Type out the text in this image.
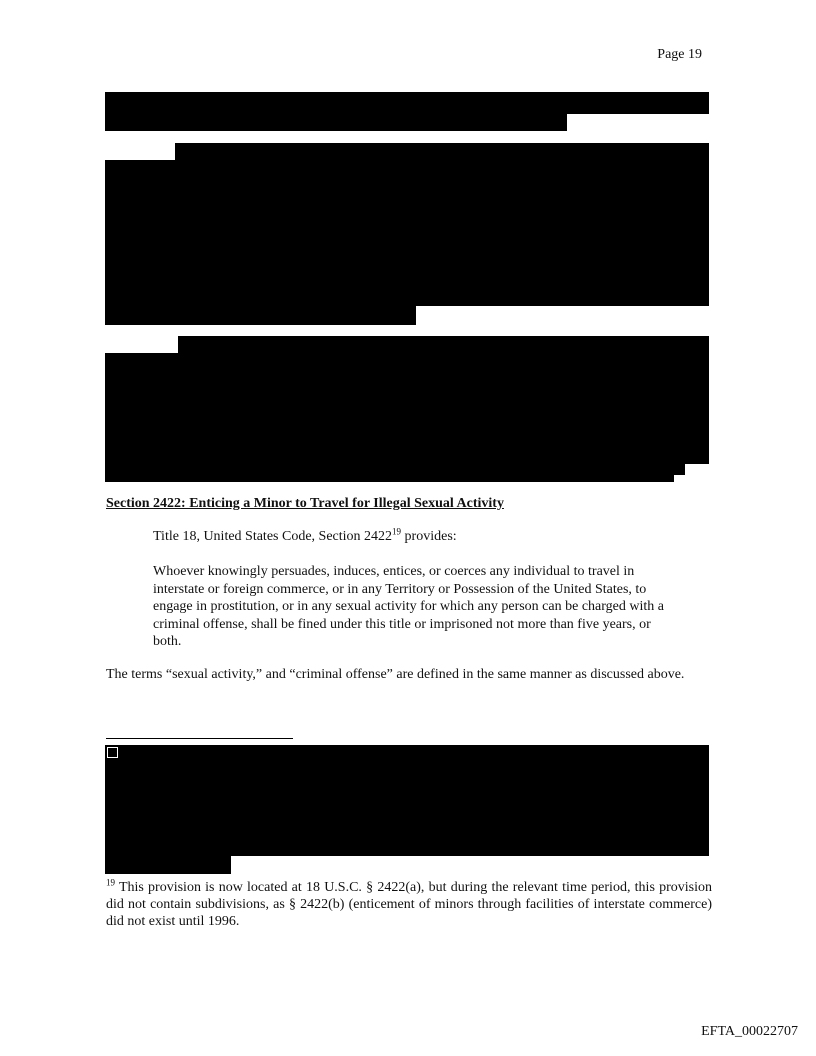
Page 19
Section 2422: Enticing a Minor to Travel for Illegal Sexual Activity
Title 18, United States Code, Section 2422$^{19}$ provides:
Whoever knowingly persuades, induces, entices, or coerces any individual to travel in interstate or foreign commerce, or in any Territory or Possession of the United States, to engage in prostitution, or in any sexual activity for which any person can be charged with a criminal offense, shall be fined under this title or imprisoned not more than five years, or both.
The terms “sexual activity,” and “criminal offense” are defined in the same manner as discussed above.
$^{19}$ This provision is now located at 18 U.S.C. § 2422(a), but during the relevant time period, this provision did not contain subdivisions, as § 2422(b) (enticement of minors through facilities of interstate commerce) did not exist until 1996.
EFTA_00022707
